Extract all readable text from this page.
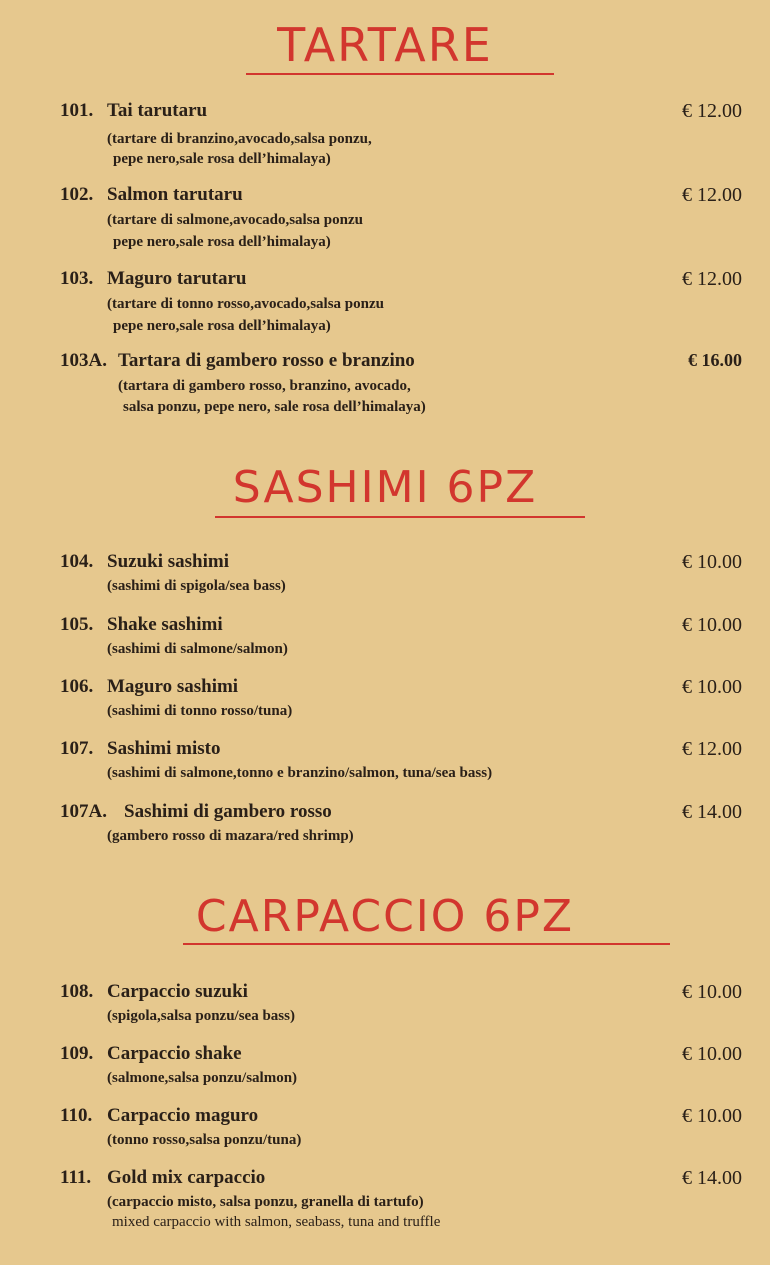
TARTARE
101. Tai tarutaru	€ 12.00
(tartare di branzino,avocado,salsa ponzu,
pepe nero,sale rosa dell’himalaya)
102. Salmon tarutaru	€ 12.00
(tartare di salmone,avocado,salsa ponzu
pepe nero,sale rosa dell’himalaya)
103. Maguro tarutaru	€ 12.00
(tartare di tonno rosso,avocado,salsa ponzu
pepe nero,sale rosa dell’himalaya)
103A. Tartara di gambero rosso e branzino	€ 16.00
(tartara di gambero rosso, branzino, avocado,
salsa ponzu, pepe nero, sale rosa dell’himalaya)
SASHIMI 6PZ
104. Suzuki sashimi	€ 10.00
(sashimi di spigola/sea bass)
105. Shake sashimi	€ 10.00
(sashimi di salmone/salmon)
106. Maguro sashimi	€ 10.00
(sashimi di tonno rosso/tuna)
107. Sashimi misto	€ 12.00
(sashimi di salmone,tonno e branzino/salmon, tuna/sea bass)
107A. Sashimi di gambero rosso	€ 14.00
(gambero rosso di mazara/red shrimp)
CARPACCIO 6PZ
108. Carpaccio suzuki	€ 10.00
(spigola,salsa ponzu/sea bass)
109. Carpaccio shake	€ 10.00
(salmone,salsa ponzu/salmon)
110. Carpaccio maguro	€ 10.00
(tonno rosso,salsa ponzu/tuna)
111. Gold mix carpaccio	€ 14.00
(carpaccio misto, salsa ponzu, granella di tartufo)
mixed carpaccio with salmon, seabass, tuna and truffle
